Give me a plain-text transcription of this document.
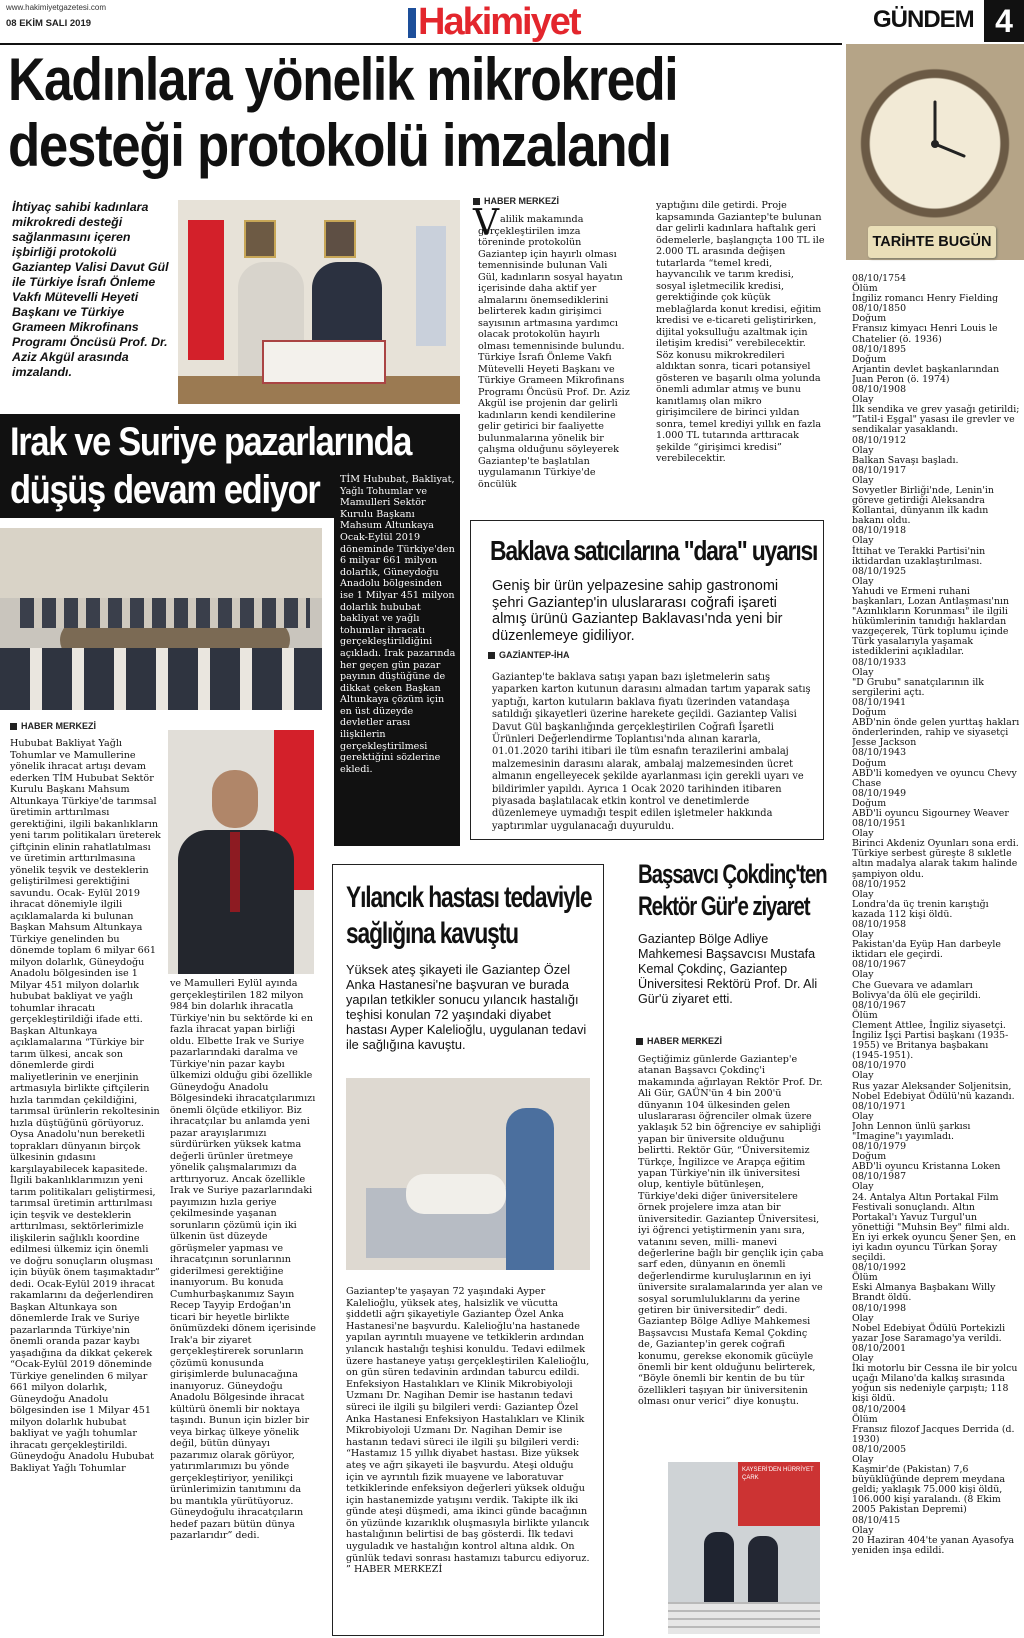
www.hakimiyetgazetesi.com
08 EKİM SALI 2019	Hakimiyet	GÜNDEM 4
Kadınlara yönelik mikrokredi
desteği protokolü imzalandı
İhtiyaç sahibi kadınlara mikrokredi desteği sağlanmasını içeren işbirliği protokolü Gaziantep Valisi Davut Gül ile Türkiye İsrafı Önleme Vakfı Mütevelli Heyeti Başkanı ve Türkiye Grameen Mikrofinans Programı Öncüsü Prof. Dr. Aziz Akgül arasında imzalandı.
HABER MERKEZİ
V alilik makamında gerçekleştirilen imza töreninde protokolün Gaziantep için hayırlı olması temennisinde bulunan Vali Gül, kadınların sosyal hayatın içerisinde daha aktif yer almalarını önemsediklerini belirterek kadın girişimci sayısının artmasına yardımcı olacak protokolün hayırlı olması temennisinde bulundu. Türkiye İsrafı Önleme Vakfı Mütevelli Heyeti Başkanı ve Türkiye Grameen Mikrofinans Programı Öncüsü Prof. Dr. Aziz Akgül ise projenin dar gelirli kadınların kendi kendilerine gelir getirici bir faaliyette bulunmalarına yönelik bir çalışma olduğunu söyleyerek Gaziantep'te başlatılan uygulamanın Türkiye'de öncülük

yaptığını dile getirdi. Proje kapsamında Gaziantep'te bulunan dar gelirli kadınlara haftalık geri ödemelerle, başlangıçta 100 TL ile 2.000 TL arasında değişen tutarlarda “temel kredi, hayvancılık ve tarım kredisi, sosyal işletmecilik kredisi, gerektiğinde çok küçük meblağlarda konut kredisi, eğitim kredisi ve e-ticareti geliştirirken, dijital yoksulluğu azaltmak için iletişim kredisi” verebilecektir. Söz konusu mikrokredileri aldıktan sonra, ticari potansiyel gösteren ve başarılı olma yolunda önemli adımlar atmış ve bunu kanıtlamış olan mikro girişimcilere de birinci yıldan sonra, temel krediyi yıllık en fazla 1.000 TL tutarında arttıracak şekilde “girişimci kredisi” verebilecektir.

Irak ve Suriye pazarlarında
düşüş devam ediyor TİM Hububat, Bakliyat, Yağlı Tohumlar ve Mamulleri Sektör Kurulu Başkanı Mahsum Altunkaya Ocak-Eylül 2019 döneminde Türkiye'den 6 milyar 661 milyon dolarlık, Güneydoğu Anadolu bölgesinden ise 1 Milyar 451 milyon dolarlık hububat bakliyat ve yağlı tohumlar ihracatı gerçekleştirildiğini açıkladı. Irak pazarında her geçen gün pazar payının düştüğüne de dikkat çeken Başkan Altunkaya çözüm için en üst düzeyde devletler arası ilişkilerin gerçekleştirilmesi gerektiğini sözlerine ekledi.
HABER MERKEZİ

Hububat Bakliyat Yağlı Tohumlar ve Mamullerine yönelik ihracat artışı devam ederken TİM Hububat Sektör Kurulu Başkanı Mahsum Altunkaya Türkiye'de tarımsal üretimin arttırılması gerektiğini, ilgili bakanlıkların yeni tarım politikaları üreterek çiftçinin elinin rahatlatılması ve üretimin arttırılmasına yönelik teşvik ve desteklerin geliştirilmesi gerektiğini savundu. Ocak- Eylül 2019 ihracat dönemiyle ilgili açıklamalarda ki bulunan Başkan Mahsum Altunkaya Türkiye genelinden bu dönemde toplam 6 milyar 661 milyon dolarlık, Güneydoğu Anadolu bölgesinden ise 1 Milyar 451 milyon dolarlık hububat bakliyat ve yağlı tohumlar ihracatı gerçekleştirildiği ifade etti. Başkan Altunkaya açıklamalarına “Türkiye bir tarım ülkesi, ancak son dönemlerde girdi maliyetlerinin ve enerjinin artmasıyla birlikte çiftçilerin hızla tarımdan çekildiğini, tarımsal ürünlerin rekoltesinin hızla düştüğünü görüyoruz. Oysa Anadolu'nun bereketli toprakları dünyanın birçok ülkesinin gıdasını karşılayabilecek kapasitede. İlgili bakanlıklarımızın yeni tarım politikaları geliştirmesi, tarımsal üretimin arttırılması için teşvik ve desteklerin arttırılması, sektörlerimizle ilişkilerin sağlıklı koordine edilmesi ülkemiz için önemli ve doğru sonuçların oluşması için büyük önem taşımaktadır” dedi. Ocak-Eylül 2019 ihracat rakamlarını da değerlendiren Başkan Altunkaya son dönemlerde Irak ve Suriye pazarlarında Türkiye'nin önemli oranda pazar kaybı yaşadığına da dikkat çekerek “Ocak-Eylül 2019 döneminde Türkiye genelinden 6 milyar 661 milyon dolarlık, Güneydoğu Anadolu bölgesinden ise 1 Milyar 451 milyon dolarlık hububat bakliyat ve yağlı tohumlar ihracatı gerçekleştirildi. Güneydoğu Anadolu Hububat Bakliyat Yağlı Tohumlar

ve Mamulleri Eylül ayında gerçekleştirilen 182 milyon 984 bin dolarlık ihracatla Türkiye'nin bu sektörde ki en fazla ihracat yapan birliği oldu. Elbette Irak ve Suriye pazarlarındaki daralma ve Türkiye'nin pazar kaybı ülkemizi olduğu gibi özellikle Güneydoğu Anadolu Bölgesindeki ihracatçılarımızı önemli ölçüde etkiliyor. Biz ihracatçılar bu anlamda yeni pazar arayışlarımızı sürdürürken yüksek katma değerli ürünler üretmeye yönelik çalışmalarımızı da arttırıyoruz. Ancak özellikle Irak ve Suriye pazarlarındaki payımızın hızla geriye çekilmesinde yaşanan sorunların çözümü için iki ülkenin üst düzeyde görüşmeler yapması ve ihracatçının sorunlarının giderilmesi gerektiğine inanıyorum. Bu konuda Cumhurbaşkanımız Sayın Recep Tayyip Erdoğan'ın ticari bir heyetle birlikte önümüzdeki dönem içerisinde Irak'a bir ziyaret gerçekleştirerek sorunların çözümü konusunda girişimlerde bulunacağına inanıyoruz. Güneydoğu Anadolu Bölgesinde ihracat kültürü önemli bir noktaya taşındı. Bunun için bizler bir veya birkaç ülkeye yönelik değil, bütün dünyayı pazarımız olarak görüyor, yatırımlarımızı bu yönde gerçekleştiriyor, yenilikçi ürünlerimizin tanıtımını da bu mantıkla yürütüyoruz. Güneydoğulu ihracatçıların hedef pazarı bütün dünya pazarlarıdır” dedi.

Baklava satıcılarına "dara" uyarısı
Geniş bir ürün yelpazesine sahip gastronomi şehri Gaziantep'in uluslararası coğrafi işareti almış ürünü Gaziantep Baklavası'nda yeni bir düzenlemeye gidiliyor.
GAZİANTEP-İHA
Gaziantep'te baklava satışı yapan bazı işletmelerin satış yaparken karton kutunun darasını almadan tartım yaparak satış yaptığı, karton kutuların baklava fiyatı üzerinden vatandaşa satıldığı şikayetleri üzerine harekete geçildi. Gaziantep Valisi Davut Gül başkanlığında gerçekleştirilen Coğrafi İşaretli Ürünleri Değerlendirme Toplantısı'nda alınan kararla, 01.01.2020 tarihi itibari ile tüm esnafın terazilerini ambalaj malzemesinin darasını alarak, ambalaj malzemesinden ücret almanın engelleyecek şekilde ayarlanması için gerekli uyarı ve bildirimler yapıldı. Ayrıca 1 Ocak 2020 tarihinden itibaren piyasada başlatılacak etkin kontrol ve denetimlerde düzenlemeye uymadığı tespit edilen işletmeler hakkında yaptırımlar uygulanacağı duyuruldu.
Yılancık hastası tedaviyle
sağlığına kavuştu
Yüksek ateş şikayeti ile Gaziantep Özel Anka Hastanesi'ne başvuran ve burada yapılan tetkikler sonucu yılancık hastalığı teşhisi konulan 72 yaşındaki diyabet hastası Ayper Kalelioğlu, uygulanan tedavi ile sağlığına kavuştu.
Gaziantep'te yaşayan 72 yaşındaki Ayper Kalelioğlu, yüksek ateş, halsizlik ve vücutta şiddetli ağrı şikayetiyle Gaziantep Özel Anka Hastanesi'ne başvurdu. Kalelioğlu'na hastanede yapılan ayrıntılı muayene ve tetkiklerin ardından yılancık hastalığı teşhisi konuldu. Tedavi edilmek üzere hastaneye yatışı gerçekleştirilen Kalelioğlu, on gün süren tedavinin ardından taburcu edildi. Enfeksiyon Hastalıkları ve Klinik Mikrobiyoloji Uzmanı Dr. Nagihan Demir ise hastanın tedavi süreci ile ilgili şu bilgileri verdi: Gaziantep Özel Anka Hastanesi Enfeksiyon Hastalıkları ve Klinik Mikrobiyoloji Uzmanı Dr. Nagihan Demir ise hastanın tedavi süreci ile ilgili şu bilgileri verdi: “Hastamız 15 yıllık diyabet hastası. Bize yüksek ateş ve ağrı şikayeti ile başvurdu. Ateşi olduğu için ve ayrıntılı fizik muayene ve laboratuvar tetkiklerinde enfeksiyon değerleri yüksek olduğu için hastanemizde yatışını verdik. Takipte ilk iki günde ateşi düşmedi, ama ikinci günde bacağının ön yüzünde kızarıklık oluşmasıyla birlikte yılancık hastalığının belirtisi de baş gösterdi. İlk tedavi uyguladık ve hastalığın kontrol altına aldık. On günlük tedavi sonrası hastamızı taburcu ediyoruz. ” HABER MERKEZİ
Başsavcı Çokdinç'ten
Rektör Gür'e ziyaret
Gaziantep Bölge Adliye Mahkemesi Başsavcısı Mustafa Kemal Çokdinç, Gaziantep Üniversitesi Rektörü Prof. Dr. Ali Gür'ü ziyaret etti.
HABER MERKEZİ
Geçtiğimiz günlerde Gaziantep'e atanan Başsavcı Çokdinç'i makamında ağırlayan Rektör Prof. Dr. Ali Gür, GAÜN'ün 4 bin 200'ü dünyanın 104 ülkesinden gelen uluslararası öğrenciler olmak üzere yaklaşık 52 bin öğrenciye ev sahipliği yapan bir üniversite olduğunu belirtti. Rektör Gür, “Üniversitemiz Türkçe, İngilizce ve Arapça eğitim yapan Türkiye'nin ilk üniversitesi olup, kentiyle bütünleşen, Türkiye'deki diğer üniversitelere örnek projelere imza atan bir üniversitedir. Gaziantep Üniversitesi, iyi öğrenci yetiştirmenin yanı sıra, vatanını seven, milli- manevi değerlerine bağlı bir gençlik için çaba sarf eden, dünyanın en önemli değerlendirme kuruluşlarının en iyi üniversite sıralamalarında yer alan ve sosyal sorumluluklarını da yerine getiren bir üniversitedir” dedi. Gaziantep Bölge Adliye Mahkemesi Başsavcısı Mustafa Kemal Çokdinç de, Gaziantep'in gerek coğrafi konumu, gerekse ekonomik gücüyle önemli bir kent olduğunu belirterek, “Böyle önemli bir kentin de bu tür özellikleri taşıyan bir üniversitenin olması onur verici” diye konuştu.
KAYSERİ'DEN HÜRRİYET ÇARK
TARİHTE BUGÜN
08/10/1754
Ölüm
İngiliz romancı Henry Fielding
08/10/1850
Doğum
Fransız kimyacı Henri Louis le Chatelier (ö. 1936)
08/10/1895
Doğum
Arjantin devlet başkanlarından Juan Peron (ö. 1974)
08/10/1908
Olay
İlk sendika ve grev yasağı getirildi; "Tatil-i Eşgal" yasası ile grevler ve sendikalar yasaklandı.
08/10/1912
Olay
Balkan Savaşı başladı.
08/10/1917
Olay
Sovyetler Birliği'nde, Lenin'in göreve getirdiği Aleksandra Kollantai, dünyanın ilk kadın bakanı oldu.
08/10/1918
Olay
İttihat ve Terakki Partisi'nin iktidardan uzaklaştırılması.
08/10/1925
Olay
Yahudi ve Ermeni ruhani başkanları, Lozan Antlaşması'nın "Azınlıkların Korunması" ile ilgili hükümlerinin tanıdığı haklardan vazgeçerek, Türk toplumu içinde Türk yasalarıyla yaşamak istediklerini açıkladılar.
08/10/1933
Olay
"D Grubu" sanatçılarının ilk sergilerini açtı.
08/10/1941
Doğum
ABD'nin önde gelen yurttaş hakları önderlerinden, rahip ve siyasetçi Jesse Jackson
08/10/1943
Doğum
ABD'li komedyen ve oyuncu Chevy Chase
08/10/1949
Doğum
ABD'li oyuncu Sigourney Weaver
08/10/1951
Olay
Birinci Akdeniz Oyunları sona erdi. Türkiye serbest güreşte 8 sıkletle altın madalya alarak takım halinde şampiyon oldu.
08/10/1952
Olay
Londra'da üç trenin karıştığı kazada 112 kişi öldü.
08/10/1958
Olay
Pakistan'da Eyüp Han darbeyle iktidarı ele geçirdi.
08/10/1967
Olay
Che Guevara ve adamları Bolivya'da ölü ele geçirildi.
08/10/1967
Ölüm
Clement Attlee, İngiliz siyasetçi. İngiliz İşçi Partisi başkanı (1935-1955) ve Britanya başbakanı (1945-1951).
08/10/1970
Olay
Rus yazar Aleksander Soljenitsin, Nobel Edebiyat Ödülü'nü kazandı.
08/10/1971
Olay
John Lennon ünlü şarkısı "Imagine"ı yayımladı.
08/10/1979
Doğum
ABD'li oyuncu Kristanna Loken
08/10/1987
Olay
24. Antalya Altın Portakal Film Festivali sonuçlandı. Altın Portakal'ı Yavuz Turgul'un yönettiği "Muhsin Bey" filmi aldı. En iyi erkek oyuncu Şener Şen, en iyi kadın oyuncu Türkan Şoray seçildi.
08/10/1992
Ölüm
Eski Almanya Başbakanı Willy Brandt öldü.
08/10/1998
Olay
Nobel Edebiyat Ödülü Portekizli yazar Jose Saramago'ya verildi.
08/10/2001
Olay
İki motorlu bir Cessna ile bir yolcu uçağı Milano'da kalkış sırasında yoğun sis nedeniyle çarpıştı; 118 kişi öldü.
08/10/2004
Ölüm
Fransız filozof Jacques Derrida (d. 1930)
08/10/2005
Olay
Kaşmir'de (Pakistan) 7,6 büyüklüğünde deprem meydana geldi; yaklaşık 75.000 kişi öldü, 106.000 kişi yaralandı. (8 Ekim 2005 Pakistan Depremi)
08/10/415
Olay
20 Haziran 404'te yanan Ayasofya yeniden inşa edildi.
